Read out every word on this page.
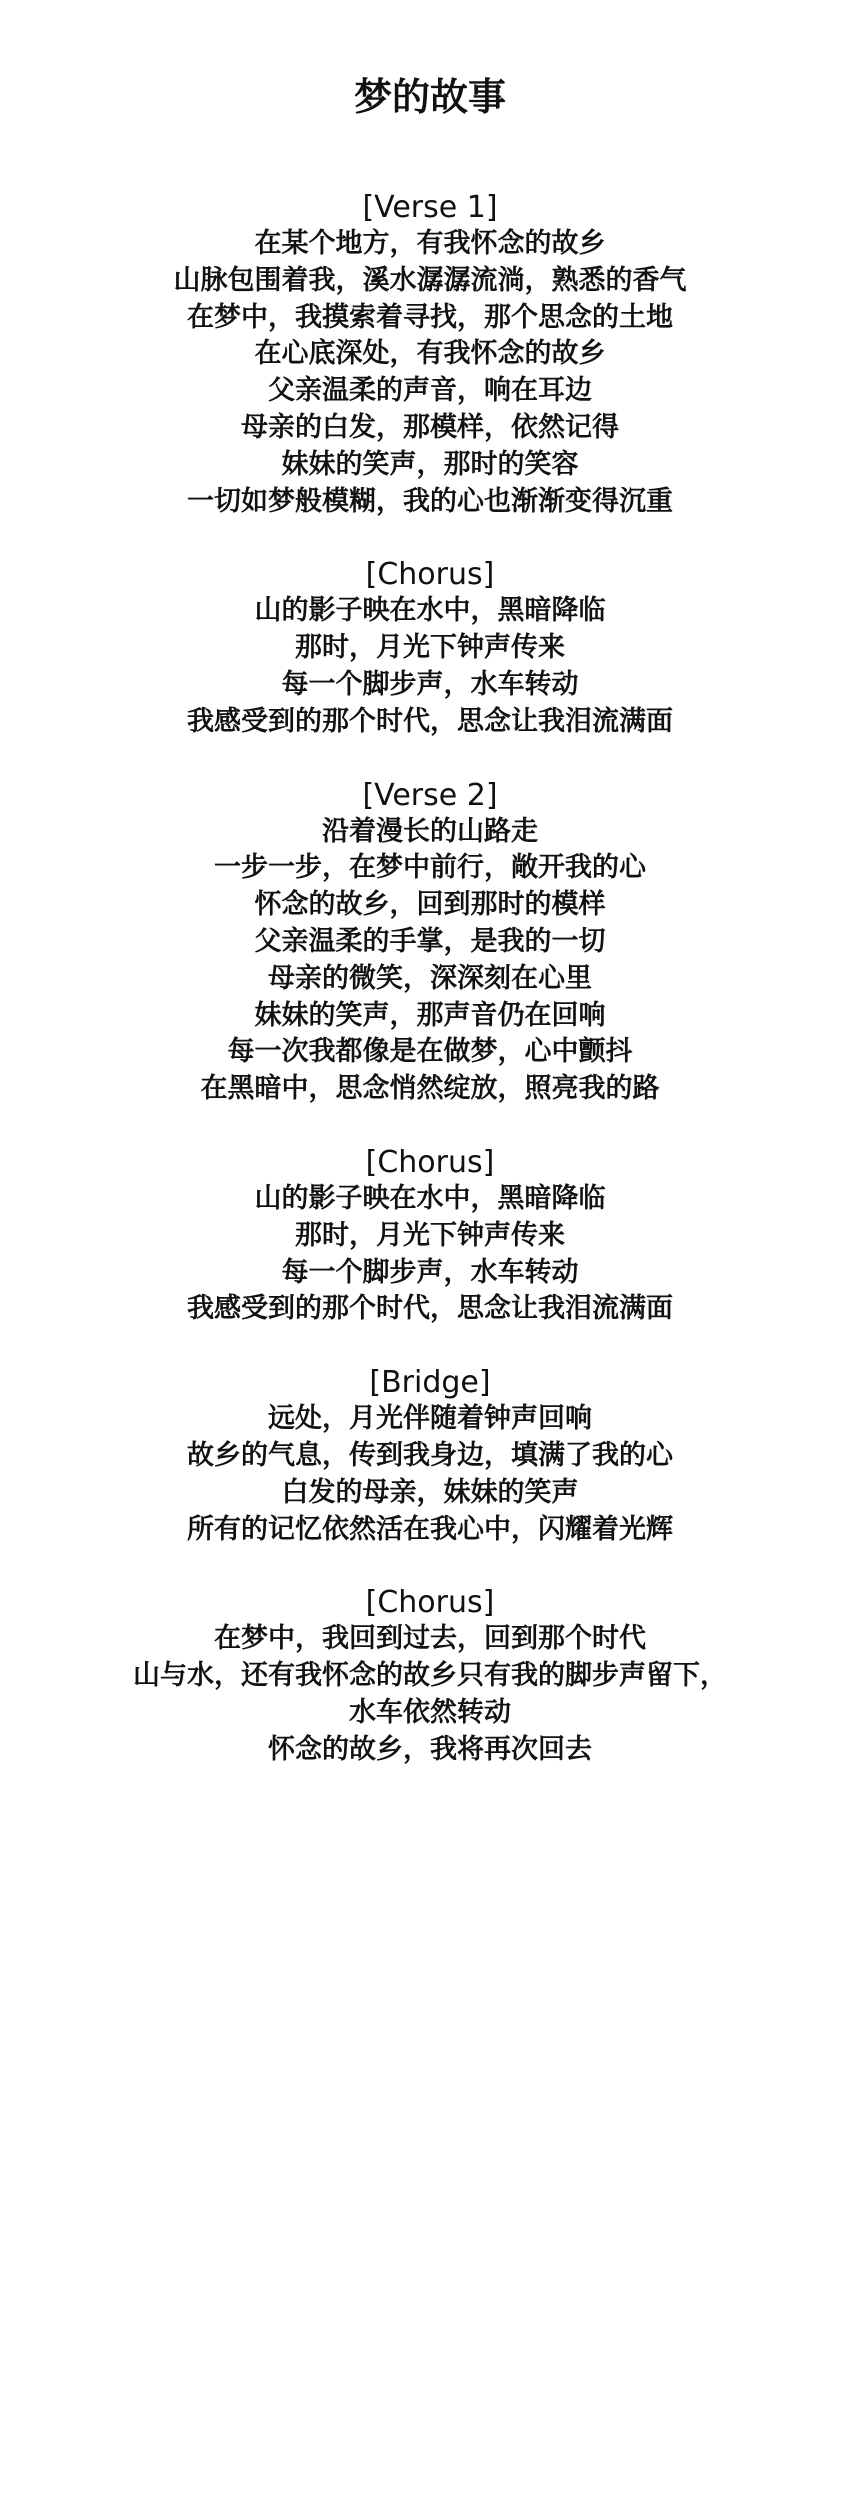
梦的故事
[Verse 1]
在某个地方，有我怀念的故乡
山脉包围着我，溪水潺潺流淌，熟悉的香气
在梦中，我摸索着寻找，那个思念的土地
在心底深处，有我怀念的故乡
父亲温柔的声音，响在耳边
母亲的白发，那模样，依然记得
妹妹的笑声，那时的笑容
一切如梦般模糊，我的心也渐渐变得沉重
[Chorus]
山的影子映在水中，黑暗降临
那时，月光下钟声传来
每一个脚步声，水车转动
我感受到的那个时代，思念让我泪流满面
[Verse 2]
沿着漫长的山路走
一步一步，在梦中前行，敞开我的心
怀念的故乡，回到那时的模样
父亲温柔的手掌，是我的一切
母亲的微笑，深深刻在心里
妹妹的笑声，那声音仍在回响
每一次我都像是在做梦，心中颤抖
在黑暗中，思念悄然绽放，照亮我的路
[Chorus]
山的影子映在水中，黑暗降临
那时，月光下钟声传来
每一个脚步声，水车转动
我感受到的那个时代，思念让我泪流满面
[Bridge]
远处，月光伴随着钟声回响
故乡的气息，传到我身边，填满了我的心
白发的母亲，妹妹的笑声
所有的记忆依然活在我心中，闪耀着光辉
[Chorus]
在梦中，我回到过去，回到那个时代
山与水，还有我怀念的故乡只有我的脚步声留下，
水车依然转动
怀念的故乡，我将再次回去
